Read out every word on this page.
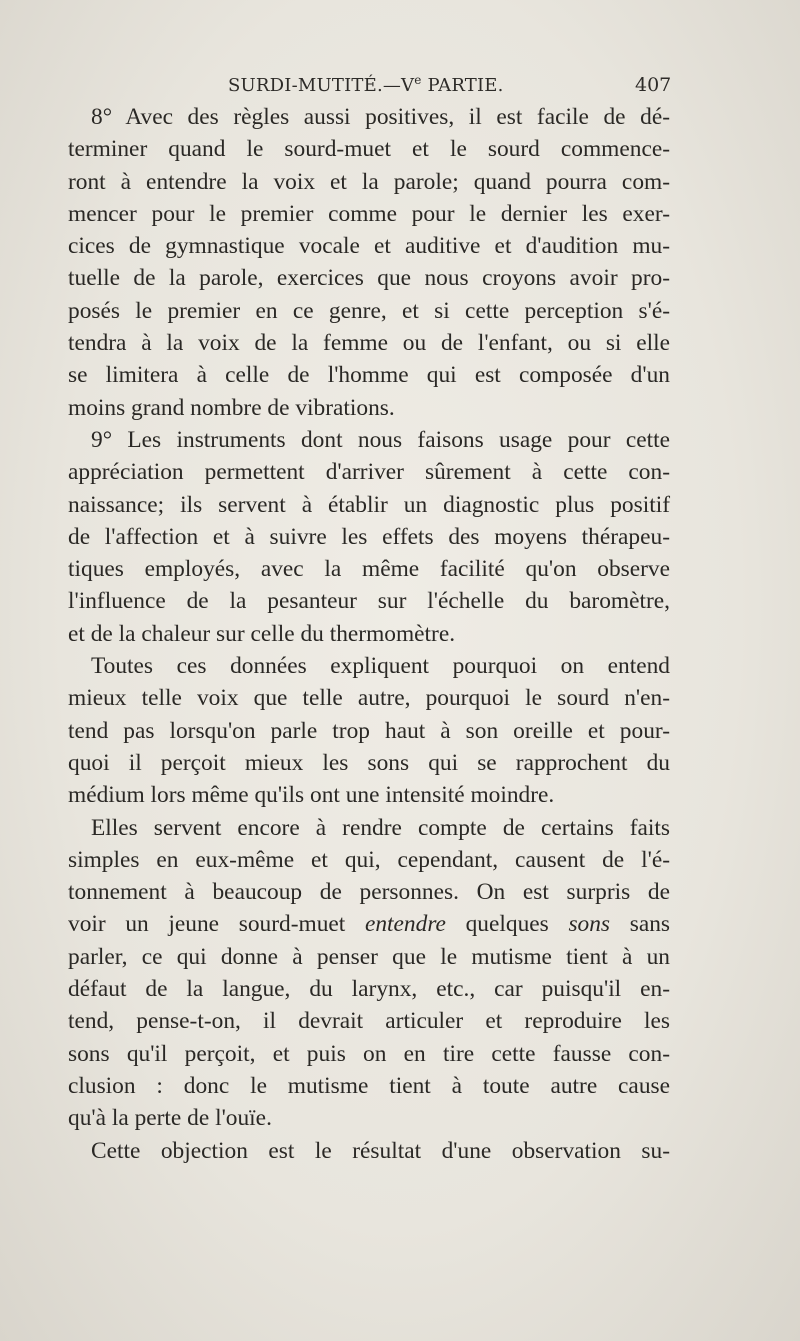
SURDI-MUTITÉ.—Ve PARTIE.	407
8° Avec des règles aussi positives, il est facile de dé-
terminer quand le sourd-muet et le sourd commence-
ront à entendre la voix et la parole; quand pourra com-
mencer pour le premier comme pour le dernier les exer-
cices de gymnastique vocale et auditive et d'audition mu-
tuelle de la parole, exercices que nous croyons avoir pro-
posés le premier en ce genre, et si cette perception s'é-
tendra à la voix de la femme ou de l'enfant, ou si elle
se limitera à celle de l'homme qui est composée d'un
moins grand nombre de vibrations.
9° Les instruments dont nous faisons usage pour cette
appréciation permettent d'arriver sûrement à cette con-
naissance; ils servent à établir un diagnostic plus positif
de l'affection et à suivre les effets des moyens thérapeu-
tiques employés, avec la même facilité qu'on observe
l'influence de la pesanteur sur l'échelle du baromètre,
et de la chaleur sur celle du thermomètre.
Toutes ces données expliquent pourquoi on entend
mieux telle voix que telle autre, pourquoi le sourd n'en-
tend pas lorsqu'on parle trop haut à son oreille et pour-
quoi il perçoit mieux les sons qui se rapprochent du
médium lors même qu'ils ont une intensité moindre.
Elles servent encore à rendre compte de certains faits
simples en eux-même et qui, cependant, causent de l'é-
tonnement à beaucoup de personnes. On est surpris de
voir un jeune sourd-muet entendre quelques sons sans
parler, ce qui donne à penser que le mutisme tient à un
défaut de la langue, du larynx, etc., car puisqu'il en-
tend, pense-t-on, il devrait articuler et reproduire les
sons qu'il perçoit, et puis on en tire cette fausse con-
clusion : donc le mutisme tient à toute autre cause
qu'à la perte de l'ouïe.
Cette objection est le résultat d'une observation su-
